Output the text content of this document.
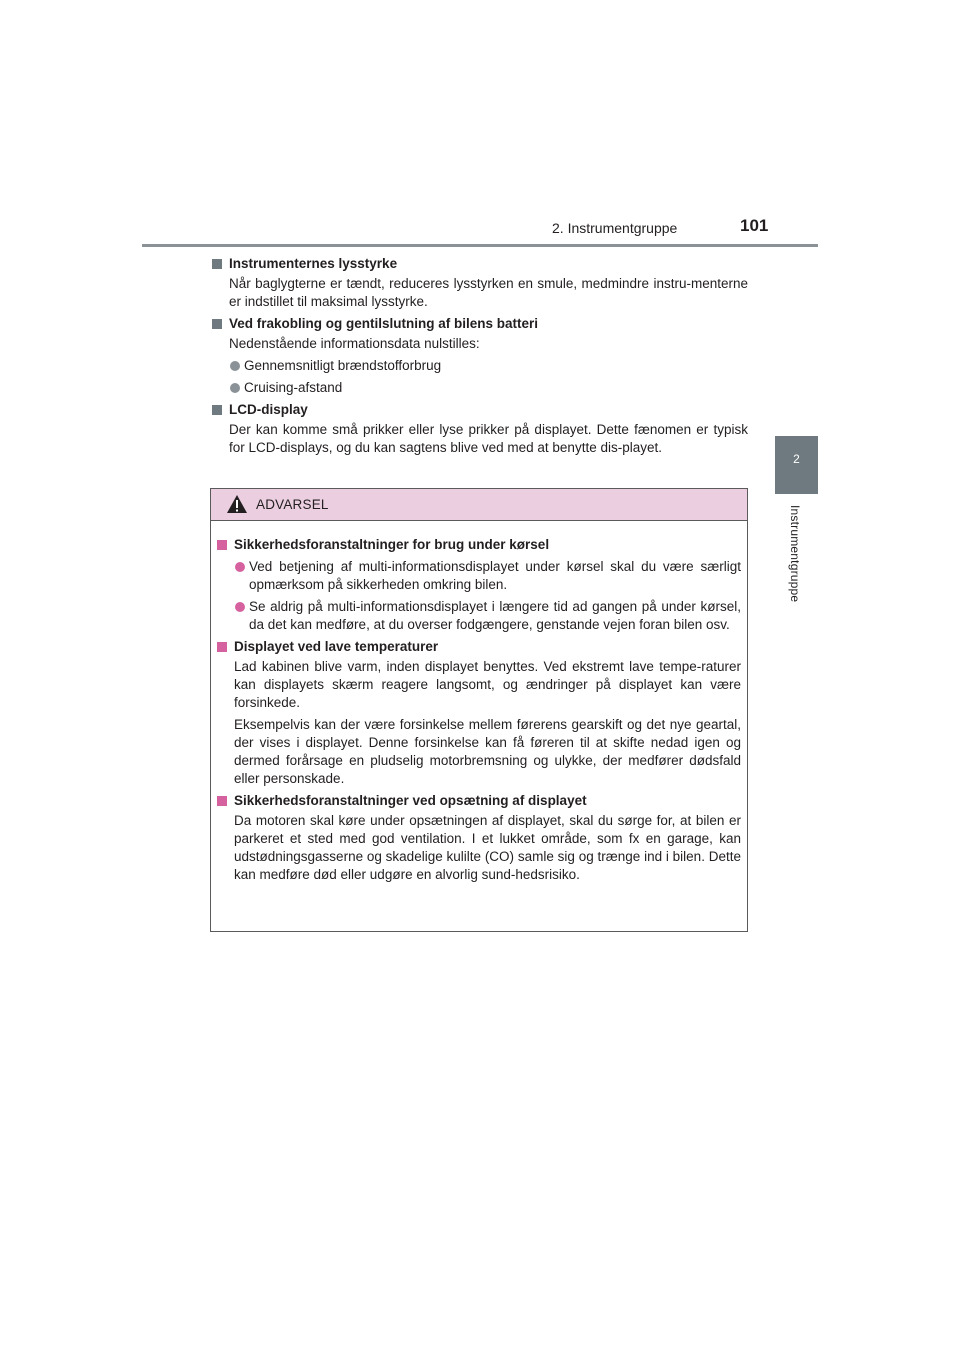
2. Instrumentgruppe	101
2
Instrumentgruppe
Instrumenternes lysstyrke
Når baglygterne er tændt, reduceres lysstyrken en smule, medmindre instru-menterne er indstillet til maksimal lysstyrke.
Ved frakobling og gentilslutning af bilens batteri
Nedenstående informationsdata nulstilles:
Gennemsnitligt brændstofforbrug
Cruising-afstand
LCD-display
Der kan komme små prikker eller lyse prikker på displayet. Dette fænomen er typisk for LCD-displays, og du kan sagtens blive ved med at benytte dis-playet.
ADVARSEL
Sikkerhedsforanstaltninger for brug under kørsel
Ved betjening af multi-informationsdisplayet under kørsel skal du være særligt opmærksom på sikkerheden omkring bilen.
Se aldrig på multi-informationsdisplayet i længere tid ad gangen på under kørsel, da det kan medføre, at du overser fodgængere, genstande vejen foran bilen osv.
Displayet ved lave temperaturer
Lad kabinen blive varm, inden displayet benyttes. Ved ekstremt lave tempe-raturer kan displayets skærm reagere langsomt, og ændringer på displayet kan være forsinkede.
Eksempelvis kan der være forsinkelse mellem førerens gearskift og det nye geartal, der vises i displayet. Denne forsinkelse kan få føreren til at skifte nedad igen og dermed forårsage en pludselig motorbremsning og ulykke, der medfører dødsfald eller personskade.
Sikkerhedsforanstaltninger ved opsætning af displayet
Da motoren skal køre under opsætningen af displayet, skal du sørge for, at bilen er parkeret et sted med god ventilation. I et lukket område, som fx en garage, kan udstødningsgasserne og skadelige kulilte (CO) samle sig og trænge ind i bilen. Dette kan medføre død eller udgøre en alvorlig sund-hedsrisiko.
